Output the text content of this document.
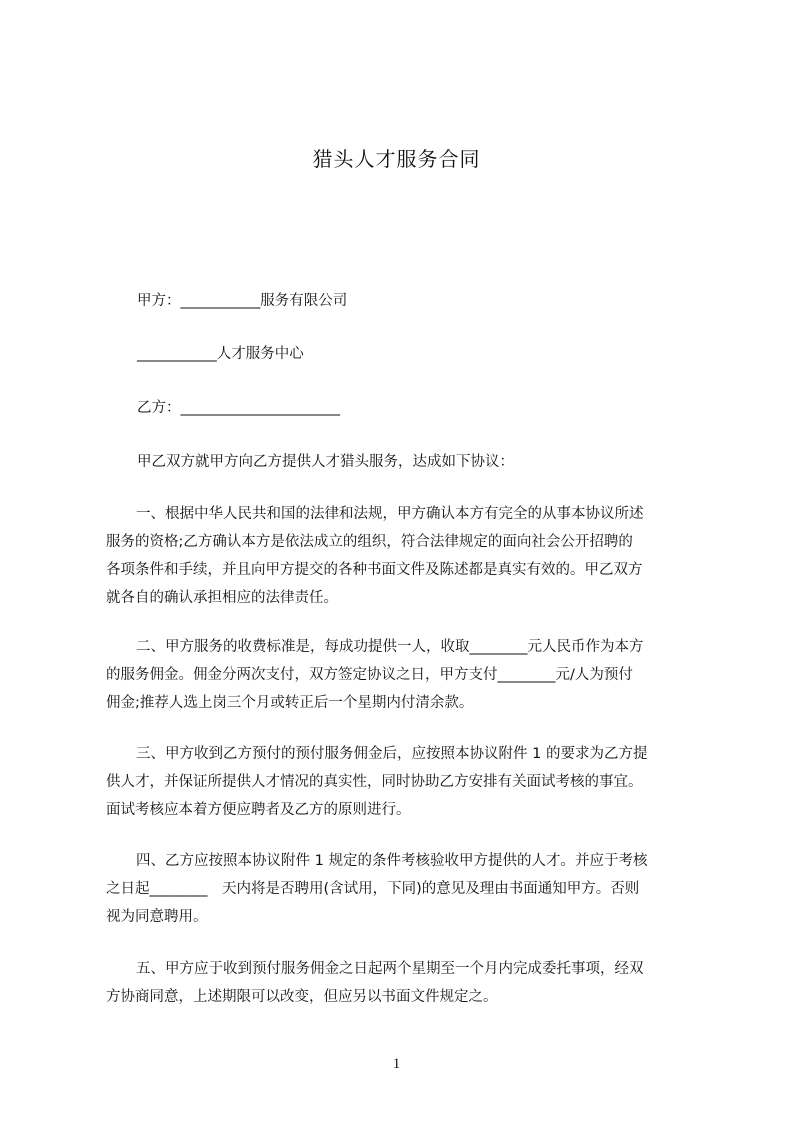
猎头人才服务合同
甲方：___________服务有限公司
___________人才服务中心
乙方：______________________
甲乙双方就甲方向乙方提供人才猎头服务，达成如下协议：
一、根据中华人民共和国的法律和法规，甲方确认本方有完全的从事本协议所述
服务的资格;乙方确认本方是依法成立的组织，符合法律规定的面向社会公开招聘的
各项条件和手续，并且向甲方提交的各种书面文件及陈述都是真实有效的。甲乙双方
就各自的确认承担相应的法律责任。
二、甲方服务的收费标准是，每成功提供一人，收取________元人民币作为本方
的服务佣金。佣金分两次支付，双方签定协议之日，甲方支付________元/人为预付
佣金;推荐人选上岗三个月或转正后一个星期内付清余款。
三、甲方收到乙方预付的预付服务佣金后，应按照本协议附件 1 的要求为乙方提
供人才，并保证所提供人才情况的真实性，同时协助乙方安排有关面试考核的事宜。
面试考核应本着方便应聘者及乙方的原则进行。
四、乙方应按照本协议附件 1 规定的条件考核验收甲方提供的人才。并应于考核
之日起________　天内将是否聘用(含试用，下同)的意见及理由书面通知甲方。否则
视为同意聘用。
五、甲方应于收到预付服务佣金之日起两个星期至一个月内完成委托事项，经双
方协商同意，上述期限可以改变，但应另以书面文件规定之。
1
